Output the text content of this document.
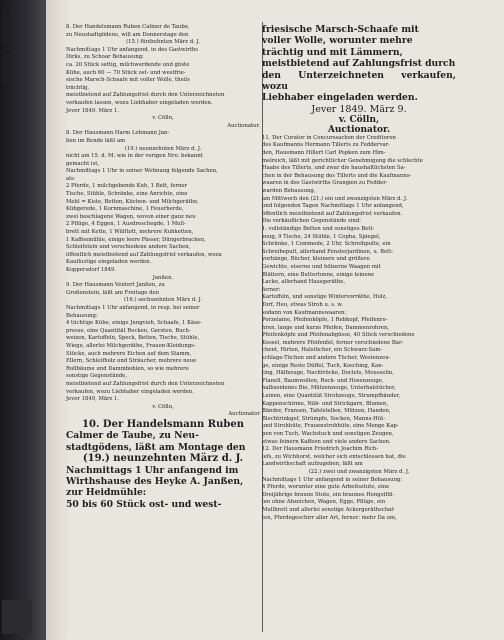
8
9

8. Der Handelsmann Ruben Calmer de Taube,

zu Neustadtgödens, will am Donnerstage den

(15.) fünfzehnten März d. J.

Nachmittags 1 Uhr anfangend, in des Gastwirths

Dirks, zu Schoar Behausung:

ca. 20 Stück settig, milchwerdende und güste

Kühe, auch 60 — 70 Stück ost- und westfrie-

sische Marsch-Schaafe mit voller Wolle, theils

trächtig,

meistbietend auf Zahlungsfrist durch den Unterzeichneten

verkaufen lassen, wozu Liebhaber eingeladen werden.

Jever 1849. März 1.

v. Cölln,

Auctionator.

8. Der Hausmann Harm Lohmann Jan-

ßen im Bende läßt am

(19.) neunzehnten März d. J.

nicht am 15. d. M. wie in der vorigen Nro. bekannt

gemacht ist,

Nachmittags 1 Uhr in seiner Wohnung folgende Sachen,

als:

2 Pferde, 1 milchgebende Kuh, 1 Bett, ferner

Tische, Stühle, Schränke, eine Anrichte, eine

Mehl = Kiste, Betten, Küchen- und Milchgeräthe,

Kübgerede, 1 Kornmaschine, 1 Feuerherde,

zwei beschlagene Wagen, wovon einer ganz neu

2 Pflüge, 4 Eggen, 1 Ausdreschegde, 1 Mull-

brett mit Kette, 1 Wülltott, mehrere Kuhketten,

1 Kaffeemühle, einige leere Fässer, Düngerbracken,

Schleifstein und verschiedene andere Sachen,

öffentlich meistbietend auf Zahlungsfrist verkaufen, wozu

Kauflustige eingeladen werden.

Koppersdorf 1849.

Janßen.

9. Der Hausmann Ventert Janßen, zu

Großenstein, läßt am Freitage den

(16.) sechszehnten März d. J.

Nachmittags 1 Uhr anfangend, in resp. bei seiner

Behausung:

4 tüchtige Kühe, einige Jungvieh, Schaafe, 1 Käse-

presse, eine Quantität Rocken, Gersten, Buch-

weizen, Kartoffeln, Speck, Betten, Tische, Stühle,

Wiege, allerlei Milchgeräthe, Frauen-Kleidungs-

Stücke, auch mehrere Eichen auf dem Stamm,

Ellern, Schleifholz und Sträucher, mehrere neue

Rollbäume und Dammbohlen, so wie mehrere

sonstige Gegenstände,

meistbietend auf Zahlungsfrist durch den Unterzeichneten

verkaufen, wozu Liebhaber eingeladen werden.

Jever 1849, März 1.

v. Cölln,

Auctionator

10. Der Handelsmann Ruben

Calmer de Taube, zu Neu-

stadtgödens, läßt am Montage den

(19.) neunzehnten März d. J.

Nachmittags 1 Uhr anfangend im

Wirthshause des Heyke A. Janßen,

zur Heidmühle:

50 bis 60 Stück ost- und west-

friesische Marsch-Schaafe mit

voller Wolle, worunter mehre

trächtig und mit Lämmern,

meistbietend auf Zahlungsfrist durch

den Unterzeichneten verkaufen, wozu

Liebhaber eingeladen werden.

Jever 1849. März 9.

v. Cölln,

Auctionator.

11. Der Curator in Concurssachen der Creditoren

des Kaufmanns Hermann Tillerts zu Feddervar-

den, Hausmann Hillert Carl Popken zum Him-

melreich, läßt mit gerichtlicher Genehmigung die schlechte

Haabe des Tillerts, und zwar die haushaltlichsten Sa-

chen in der Behausung des Tillerts und die Kaufmanns-

waaren in des Gastwirths Grangien zu Fedder-

warden Behausung,

am Mittwoch den (21.) ein und zwanzigsten März d. J.

und folgenden Tagen Nachmittags 1 Uhr anfangend,

öffentlich meistbietend auf Zahlungsfrist verkaufen.

Die verkäuflichen Gegenstände sind:

1. vollständige Betten und sonstiges Bett-

zeug, 9 Tische, 24 Stühle, 1 Copha, Spiegel,

Schränke, 1 Commode, 2 Uhr, Schreibpulte, ein

Schreibepult, allerhand Fensterjardinen, u. Bett-

vorhänge, Bücher, kleinere und größere

Gewichte, eiserne und hölzerne Waagen mit

Blättern, eine Buttertonne, einige leinene

Lacke, allerhand Hausgeräthe,

ferner:

Kartoffeln, und sonstige Wintervorräthe, Holz,

Torf, Heu, etwas Stroh u. s. w.

sodann von Kaufmannswaaren:

Porzelaine, Pfeifenköpfe, 1 Rebkopf, Pfeifenro-

hren, lange und kurze Pfeifen, Dammenrohren,

Pfeifenköpfe und Pfeifenabgüsse, 40 Stück verschiedene

Kessel, mehrere Pfeifenfel, ferner verschiedene Bar-

chent, Hirten, Halstücher, ein Schwarz-Sam-

schlage-Tüchen und andere Tücher, Westenzeu-

ge, einige Reste Düffel, Tuch, Kosching, Kan-

ting, Hälfzeuge, Nachtröcke, Doclets, Mousselin,

Flanell, Baumwollen, Rock- und Hosenzeuge,

halbseidenes Bio, Mützenzeuge, Unterhalstücher,

Leinen, eine Quantität Strohzeuge, Strumpfbänder,

Kappenschirme, Näh- und Strickgarn, Blumen,

Bänder, Fransen, Tafelstellen, Mützen, Handen,

Blechtrinkgef, Strümpfe, Socken, Manns-Hüt-

und Strohhüte, Frauenstrohhüte, eine Menge Kap-

pen von Tuch, Wachstuch und sonstigen Zeugen,

etwas feinern Kaffeen und viele andere Sachen.

12. Der Hausmann Friedrich Joachim Rich-

lefs, zu Wichhorst, welcher sich entschlossen hat, die

Landwirthschaft aufzugeben, läßt am

(22.) zwei und zwanzigsten März d. J.

Nachmittags 1 Uhr anfangend in seiner Behausung:

4 Pferde, worunter eine gute Arbeitsstute, eine

Dreijährige braune Stute, ein braunes Hengstfül-

len ohne Abzeichen, Wagen, Egge, Pflüge, ein

Mullbrett und allerlei sonstige Ackergeräthschaf-

ten, Pferdegeschirr aller Art, ferner: mehr Da um,
